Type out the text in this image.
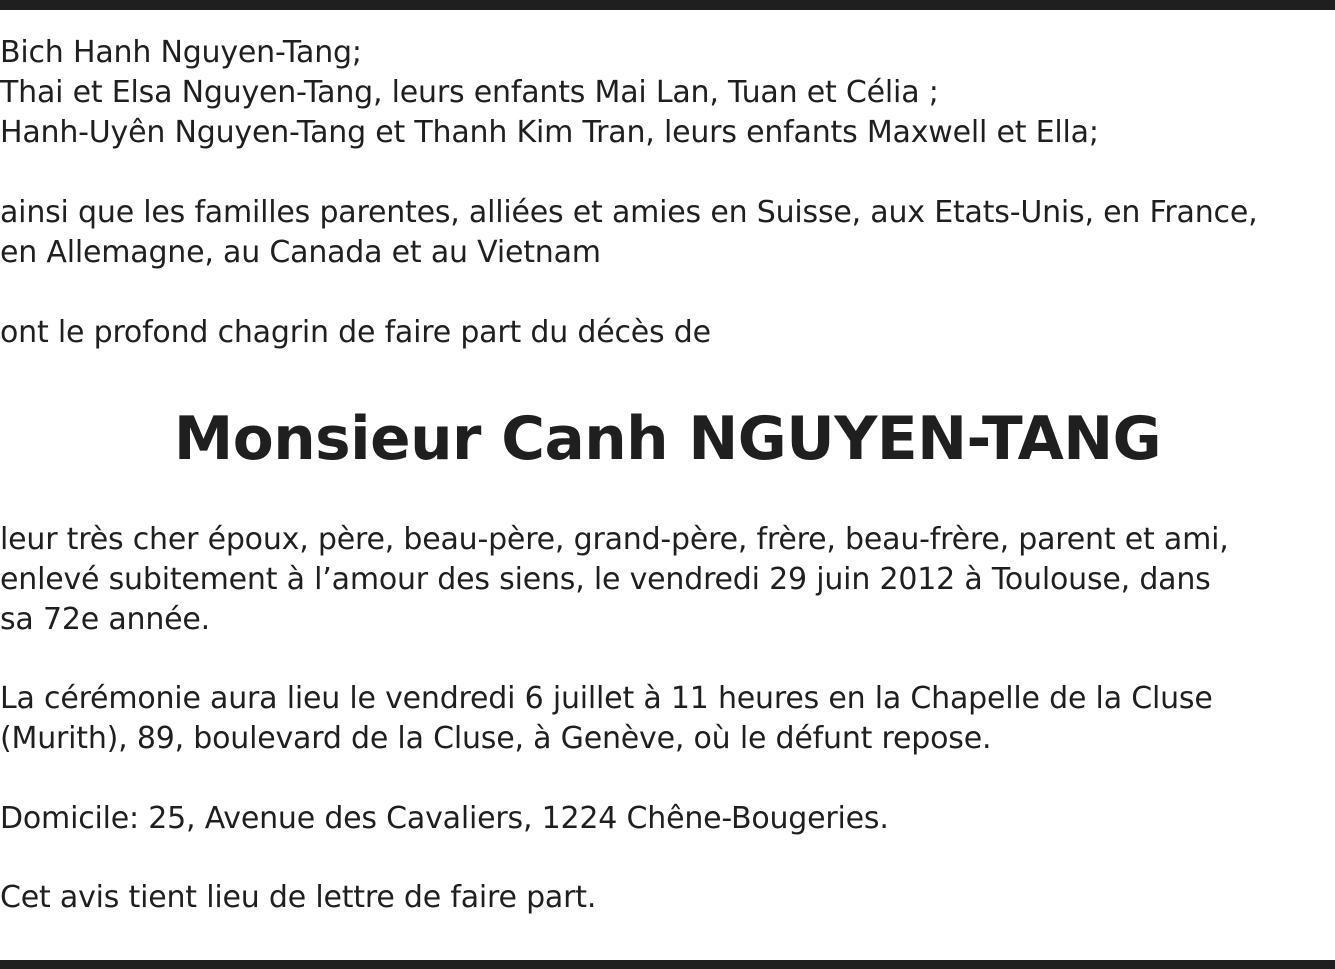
Bich Hanh Nguyen-Tang;
Thai et Elsa Nguyen-Tang, leurs enfants Mai Lan, Tuan et Célia ;
Hanh-Uyên Nguyen-Tang et Thanh Kim Tran, leurs enfants Maxwell et Ella;
ainsi que les familles parentes, alliées et amies en Suisse, aux Etats-Unis, en France,
en Allemagne, au Canada et au Vietnam
ont le profond chagrin de faire part du décès de
Monsieur Canh NGUYEN-TANG
leur très cher époux, père, beau-père, grand-père, frère, beau-frère, parent et ami,
enlevé subitement à l’amour des siens, le vendredi 29 juin 2012 à Toulouse, dans
sa 72e année.
La cérémonie aura lieu le vendredi 6 juillet à 11 heures en la Chapelle de la Cluse
(Murith), 89, boulevard de la Cluse, à Genève, où le défunt repose.
Domicile: 25, Avenue des Cavaliers, 1224 Chêne-Bougeries.
Cet avis tient lieu de lettre de faire part.
